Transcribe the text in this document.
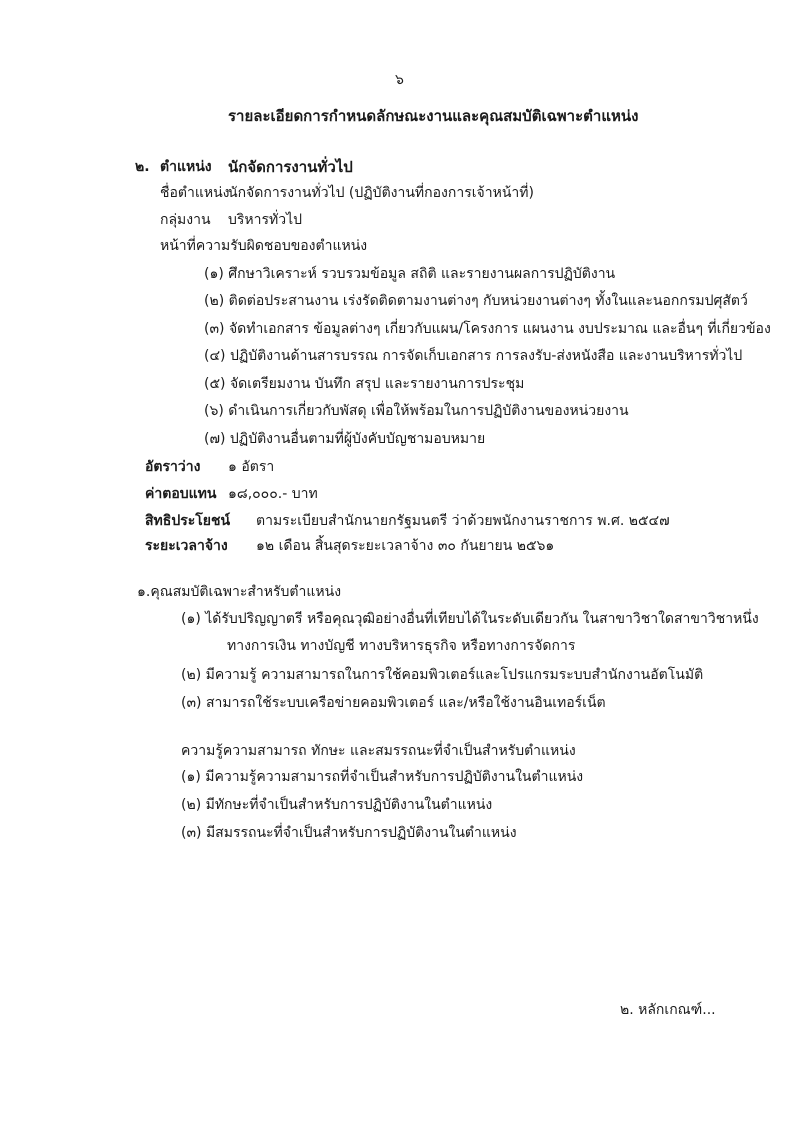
๖
รายละเอียดการกำหนดลักษณะงานและคุณสมบัติเฉพาะตำแหน่ง
๒. ตำแหน่ง นักจัดการงานทั่วไป
ชื่อตำแหน่ง
นักจัดการงานทั่วไป (ปฏิบัติงานที่กองการเจ้าหน้าที่)
กลุ่มงาน บริหารทั่วไป
หน้าที่ความรับผิดชอบของตำแหน่ง
(๑) ศึกษาวิเคราะห์ รวบรวมข้อมูล สถิติ และรายงานผลการปฏิบัติงาน
(๒) ติดต่อประสานงาน เร่งรัดติดตามงานต่างๆ กับหน่วยงานต่างๆ ทั้งในและนอกกรมปศุสัตว์
(๓) จัดทำเอกสาร ข้อมูลต่างๆ เกี่ยวกับแผน/โครงการ แผนงาน งบประมาณ และอื่นๆ ที่เกี่ยวข้อง
(๔) ปฏิบัติงานด้านสารบรรณ การจัดเก็บเอกสาร การลงรับ-ส่งหนังสือ และงานบริหารทั่วไป
(๕) จัดเตรียมงาน บันทึก สรุป และรายงานการประชุม
(๖) ดำเนินการเกี่ยวกับพัสดุ เพื่อให้พร้อมในการปฏิบัติงานของหน่วยงาน
(๗) ปฏิบัติงานอื่นตามที่ผู้บังคับบัญชามอบหมาย
อัตราว่าง ๑ อัตรา
ค่าตอบแทน ๑๘,๐๐๐.- บาท
สิทธิประโยชน์ ตามระเบียบสำนักนายกรัฐมนตรี ว่าด้วยพนักงานราชการ พ.ศ. ๒๕๔๗
ระยะเวลาจ้าง ๑๒ เดือน สิ้นสุดระยะเวลาจ้าง ๓๐ กันยายน ๒๕๖๑
๑.คุณสมบัติเฉพาะสำหรับตำแหน่ง
(๑) ได้รับปริญญาตรี หรือคุณวุฒิอย่างอื่นที่เทียบได้ในระดับเดียวกัน ในสาขาวิชาใดสาขาวิชาหนึ่ง
ทางการเงิน ทางบัญชี ทางบริหารธุรกิจ หรือทางการจัดการ
(๒) มีความรู้ ความสามารถในการใช้คอมพิวเตอร์และโปรแกรมระบบสำนักงานอัตโนมัติ
(๓) สามารถใช้ระบบเครือข่ายคอมพิวเตอร์ และ/หรือใช้งานอินเทอร์เน็ต
ความรู้ความสามารถ ทักษะ และสมรรถนะที่จำเป็นสำหรับตำแหน่ง
(๑) มีความรู้ความสามารถที่จำเป็นสำหรับการปฏิบัติงานในตำแหน่ง
(๒) มีทักษะที่จำเป็นสำหรับการปฏิบัติงานในตำแหน่ง
(๓) มีสมรรถนะที่จำเป็นสำหรับการปฏิบัติงานในตำแหน่ง
๒. หลักเกณฑ์...
